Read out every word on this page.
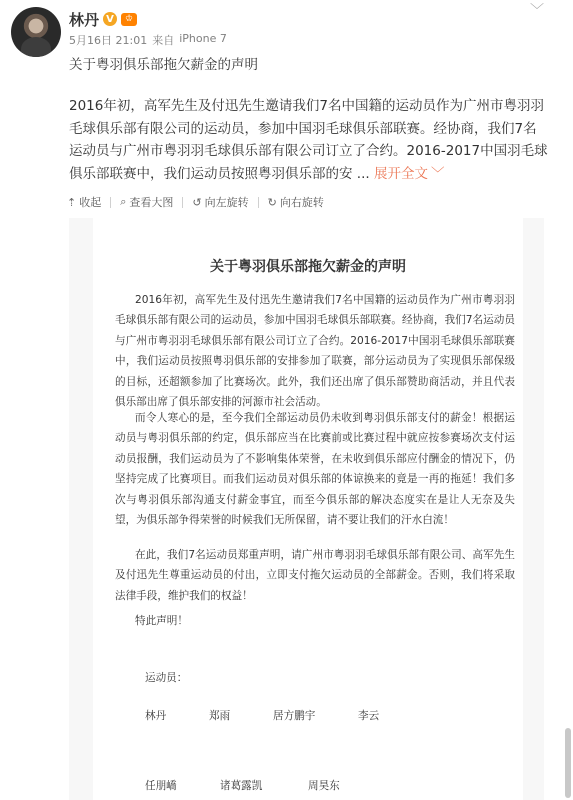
林丹 V	♔
5月16日 21:01 来自 iPhone 7
﹀
关于粤羽俱乐部拖欠薪金的声明
2016年初，高军先生及付迅先生邀请我们7名中国籍的运动员作为广州市粤羽羽毛球俱乐部有限公司的运动员，参加中国羽毛球俱乐部联赛。经协商，我们7名运动员与广州市粤羽羽毛球俱乐部有限公司订立了合约。2016-2017中国羽毛球俱乐部联赛中，我们运动员按照粤羽俱乐部的安 ... 展开全文 ﹀
⇡ 收起 ⌕ 查看大图 ↺ 向左旋转 ↻ 向右旋转
关于粤羽俱乐部拖欠薪金的声明
2016年初，高军先生及付迅先生邀请我们7名中国籍的运动员作为广州市粤羽羽毛球俱乐部有限公司的运动员，参加中国羽毛球俱乐部联赛。经协商，我们7名运动员与广州市粤羽羽毛球俱乐部有限公司订立了合约。2016-2017中国羽毛球俱乐部联赛中，我们运动员按照粤羽俱乐部的安排参加了联赛，部分运动员为了实现俱乐部保级的目标，还超额参加了比赛场次。此外，我们还出席了俱乐部赞助商活动，并且代表俱乐部出席了俱乐部安排的河源市社会活动。
而令人寒心的是，至今我们全部运动员仍未收到粤羽俱乐部支付的薪金！根据运动员与粤羽俱乐部的约定，俱乐部应当在比赛前或比赛过程中就应按参赛场次支付运动员报酬，我们运动员为了不影响集体荣誉，在未收到俱乐部应付酬金的情况下，仍坚持完成了比赛项目。而我们运动员对俱乐部的体谅换来的竟是一再的拖延！我们多次与粤羽俱乐部沟通支付薪金事宜，而至今俱乐部的解决态度实在是让人无奈及失望，为俱乐部争得荣誉的时候我们无所保留，请不要让我们的汗水白流！
在此，我们7名运动员郑重声明，请广州市粤羽羽毛球俱乐部有限公司、高军先生及付迅先生尊重运动员的付出，立即支付拖欠运动员的全部薪金。否则，我们将采取法律手段，维护我们的权益！
特此声明！
运动员：
林丹	郑雨	居方鹏宇	李云
任朋嶠	诸葛露凯	周昊东
